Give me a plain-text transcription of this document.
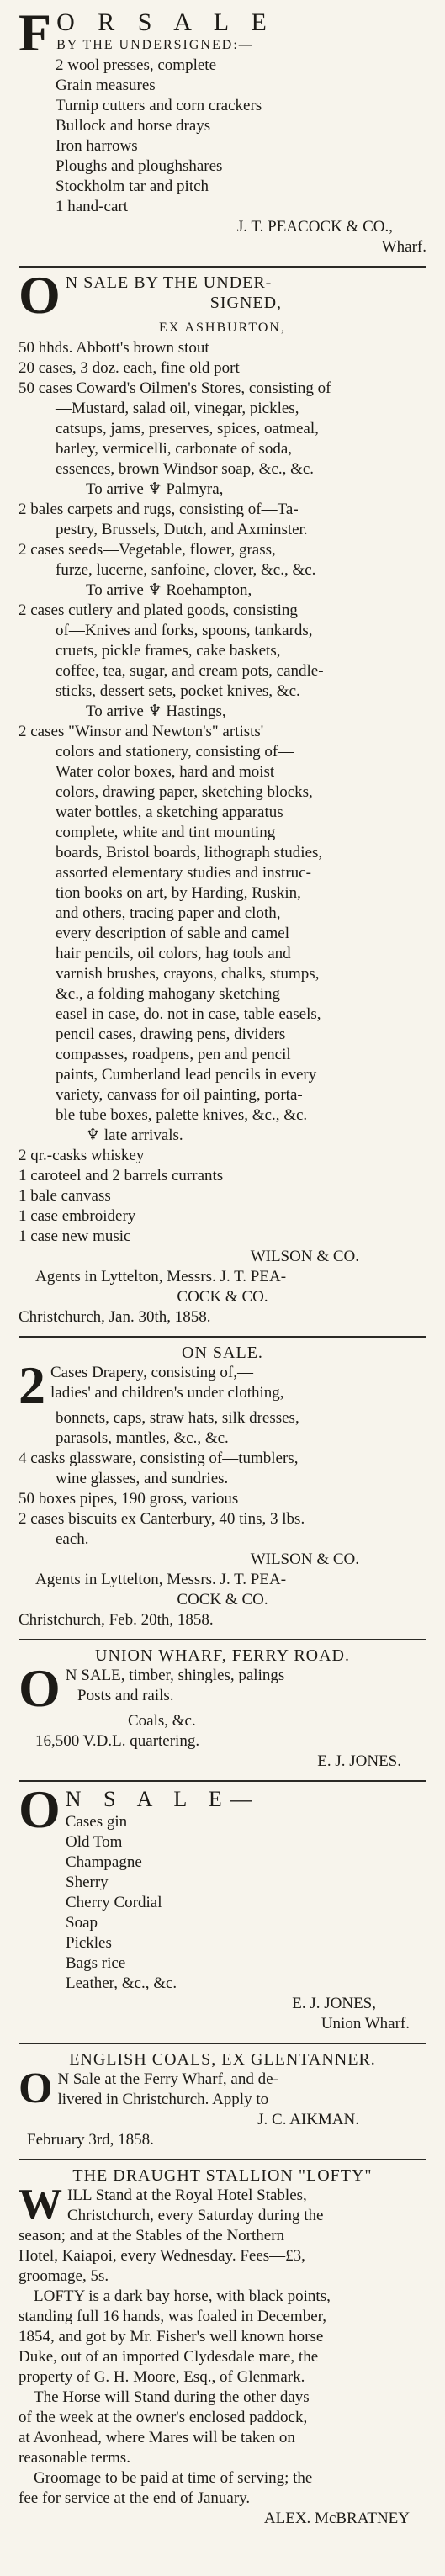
F O R S A L E
BY THE UNDERSIGNED:—
2 wool presses, complete
Grain measures
Turnip cutters and corn crackers
Bullock and horse drays
Iron harrows
Ploughs and ploughshares
Stockholm tar and pitch
1 hand-cart
J. T. PEACOCK & CO.,
Wharf.
O N SALE BY THE UNDER-
SIGNED,
EX ASHBURTON,
50 hhds. Abbott's brown stout
20 cases, 3 doz. each, fine old port
50 cases Coward's Oilmen's Stores, consisting of
—Mustard, salad oil, vinegar, pickles,
catsups, jams, preserves, spices, oatmeal,
barley, vermicelli, carbonate of soda,
essences, brown Windsor soap, &c., &c.
To arrive ♆ Palmyra,
2 bales carpets and rugs, consisting of—Ta-
pestry, Brussels, Dutch, and Axminster.
2 cases seeds—Vegetable, flower, grass,
furze, lucerne, sanfoine, clover, &c., &c.
To arrive ♆ Roehampton,
2 cases cutlery and plated goods, consisting
of—Knives and forks, spoons, tankards,
cruets, pickle frames, cake baskets,
coffee, tea, sugar, and cream pots, candle-
sticks, dessert sets, pocket knives, &c.
To arrive ♆ Hastings,
2 cases "Winsor and Newton's" artists'
colors and stationery, consisting of—
Water color boxes, hard and moist
colors, drawing paper, sketching blocks,
water bottles, a sketching apparatus
complete, white and tint mounting
boards, Bristol boards, lithograph studies,
assorted elementary studies and instruc-
tion books on art, by Harding, Ruskin,
and others, tracing paper and cloth,
every description of sable and camel
hair pencils, oil colors, hag tools and
varnish brushes, crayons, chalks, stumps,
&c., a folding mahogany sketching
easel in case, do. not in case, table easels,
pencil cases, drawing pens, dividers
compasses, roadpens, pen and pencil
paints, Cumberland lead pencils in every
variety, canvass for oil painting, porta-
ble tube boxes, palette knives, &c., &c.
♆ late arrivals.
2 qr.-casks whiskey
1 caroteel and 2 barrels currants
1 bale canvass
1 case embroidery
1 case new music
WILSON & CO.
Agents in Lyttelton, Messrs. J. T. PEA-
COCK & CO.
Christchurch, Jan. 30th, 1858.
ON SALE.
2 Cases Drapery, consisting of,—
ladies' and children's under clothing,
bonnets, caps, straw hats, silk dresses,
parasols, mantles, &c., &c.
4 casks glassware, consisting of—tumblers,
wine glasses, and sundries.
50 boxes pipes, 190 gross, various
2 cases biscuits ex Canterbury, 40 tins, 3 lbs.
each.
WILSON & CO.
Agents in Lyttelton, Messrs. J. T. PEA-
COCK & CO.
Christchurch, Feb. 20th, 1858.
UNION WHARF, FERRY ROAD.
O N SALE, timber, shingles, palings
Posts and rails.
Coals, &c.
16,500 V.D.L. quartering.
E. J. JONES.
O N S A L E—
Cases gin
Old Tom
Champagne
Sherry
Cherry Cordial
Soap
Pickles
Bags rice
Leather, &c., &c.
E. J. JONES,
Union Wharf.
ENGLISH COALS, EX GLENTANNER.
O N Sale at the Ferry Wharf, and de-
livered in Christchurch. Apply to
J. C. AIKMAN.
February 3rd, 1858.
THE DRAUGHT STALLION "LOFTY"
W ILL Stand at the Royal Hotel Stables,
Christchurch, every Saturday during the
season; and at the Stables of the Northern
Hotel, Kaiapoi, every Wednesday. Fees—£3,
groomage, 5s.
LOFTY is a dark bay horse, with black points,
standing full 16 hands, was foaled in December,
1854, and got by Mr. Fisher's well known horse
Duke, out of an imported Clydesdale mare, the
property of G. H. Moore, Esq., of Glenmark.
The Horse will Stand during the other days
of the week at the owner's enclosed paddock,
at Avonhead, where Mares will be taken on
reasonable terms.
Groomage to be paid at time of serving; the
fee for service at the end of January.
ALEX. McBRATNEY
